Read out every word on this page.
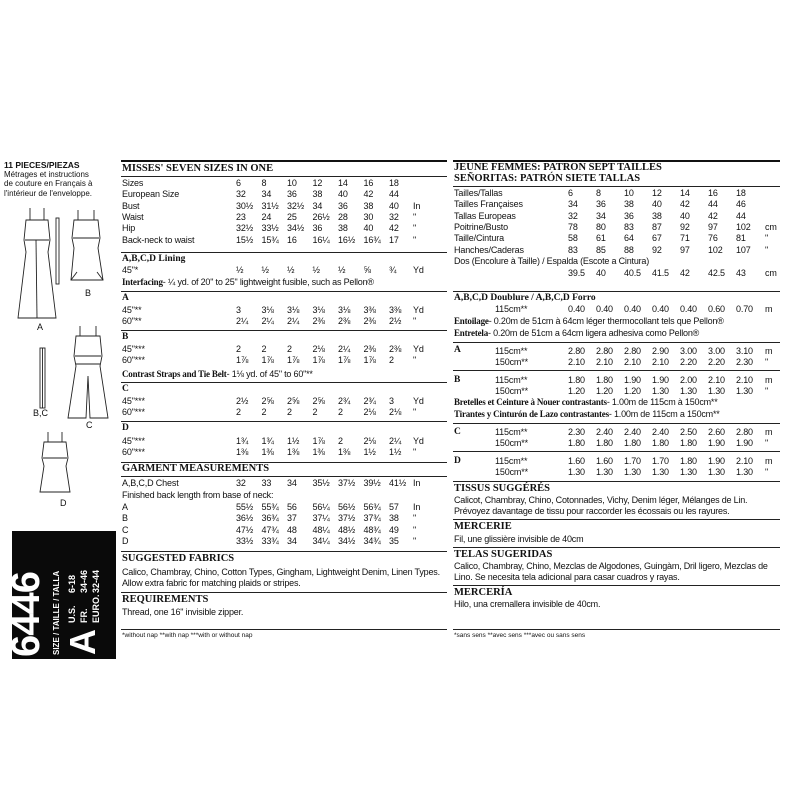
11 PIECES/PIEZAS
Métrages et instructions
de couture en Français à
l'intérieur de l'enveloppe.
B
A
B,C
C
D
6446 SIZE / TAILLE / TALLA A
U.S.6-18
FR.34-46
EURO.32-44
MISSES' SEVEN SIZES IN ONE
Sizes	6 8 10 12 14 16 18
European Size	32 34 36 38 40 42 44
Bust	30½ 31½ 32½ 34 36 38 40 In
Waist	23 24 25 26½ 28 30 32 "
Hip	32½ 33½ 34½ 36 38 40 42 "
Back-neck to waist	15½ 15¾ 16 16¼ 16½ 16¾ 17 "
A,B,C,D Lining
45"*	½ ½ ½ ½ ½ ⅝ ¾ Yd
Interfacing- ¼ yd. of 20" to 25" lightweight fusible, such as Pellon®
A
45"**	3 3⅛ 3⅛ 3⅛ 3⅛ 3⅜ 3⅜ Yd
60"**	2¼ 2¼ 2¼ 2⅜ 2⅜ 2⅜ 2½ "
B
45"***	2 2 2 2⅛ 2¼ 2⅜ 2⅜ Yd
60"***	1⅞ 1⅞ 1⅞ 1⅞ 1⅞ 1⅞ 2 "
Contrast Straps and Tie Belt- 1⅛ yd. of 45" to 60"**
C
45"***	2½ 2⅝ 2⅝ 2⅝ 2¾ 2¾ 3 Yd
60"***	2 2 2 2 2 2⅛ 2⅛ "
D
45"***	1¾ 1¾ 1½ 1⅞ 2 2⅛ 2¼ Yd
60"***	1⅜ 1⅜ 1⅜ 1⅜ 1⅜ 1½ 1½ "
GARMENT MEASUREMENTS
A,B,C,D Chest	32 33 34 35½ 37½ 39½ 41½ In
Finished back length from base of neck:
A	55½ 55¾ 56 56¼ 56½ 56¾ 57 In
B	36½ 36¾ 37 37¼ 37½ 37¾ 38 "
C	47½ 47¾ 48 48¼ 48½ 48¾ 49 "
D	33½ 33¾ 34 34¼ 34½ 34¾ 35 "
SUGGESTED FABRICS
Calico, Chambray, Chino, Cotton Types, Gingham, Lightweight Denim, Linen Types.
Allow extra fabric for matching plaids or stripes.
REQUIREMENTS
Thread, one 16" invisible zipper.
*without nap **with nap ***with or without nap
JEUNE FEMMES: PATRON SEPT TAILLES
SEÑORITAS: PATRÓN SIETE TALLAS
Tailles/Tallas	6	8	10 12 14 16 18
Tailles Françaises	34 36 38 40 42 44 46
Tallas Europeas	32 34 36 38 40 42 44
Poitrine/Busto	78 80 83 87 92 97 102 cm
Taille/Cintura	58 61 64 67 71 76 81 "
Hanches/Caderas	83 85 88 92 97 102 107 "
Dos (Encolure à Taille) / Espalda (Escote a Cintura)
39.5 40 40.5 41.5 42 42.5 43 cm
A,B,C,D Doublure / A,B,C,D Forro
115cm**	0.40 0.40 0.40 0.40 0.40 0.60 0.70 m
Entoilage- 0.20m de 51cm à 64cm léger thermocollant tels que Pellon®
Entretela- 0.20m de 51cm a 64cm ligera adhesiva como Pellon®
A	115cm**	2.80 2.80 2.80 2.90 3.00 3.00 3.10 m
150cm**	2.10 2.10 2.10 2.10 2.20 2.20 2.30 "
B	115cm**	1.80 1.80 1.90 1.90 2.00 2.10 2.10 m
150cm**	1.20 1.20 1.20 1.30 1.30 1.30 1.30 "
Bretelles et Ceinture à Nouer contrastants- 1.00m de 115cm à 150cm**
Tirantes y Cinturón de Lazo contrastantes- 1.00m de 115cm a 150cm**
C	115cm**	2.30 2.40 2.40 2.40 2.50 2.60 2.80 m
150cm**	1.80 1.80 1.80 1.80 1.80 1.90 1.90 "
D	115cm**	1.60 1.60 1.70 1.70 1.80 1.90 2.10 m
150cm**	1.30 1.30 1.30 1.30 1.30 1.30 1.30 "
TISSUS SUGGÉRÉS
Calicot, Chambray, Chino, Cotonnades, Vichy, Denim léger, Mélanges de Lin.
Prévoyez davantage de tissu pour raccorder les écossais ou les rayures.
MERCERIE
Fil, une glissière invisible de 40cm
TELAS SUGERIDAS
Calico, Chambray, Chino, Mezclas de Algodones, Guingàm, Dril ligero, Mezclas de
Lino. Se necesita tela adicional para casar cuadros y rayas.
MERCERÍA
Hilo, una cremallera invisible de 40cm.
*sans sens **avec sens ***avec ou sans sens
